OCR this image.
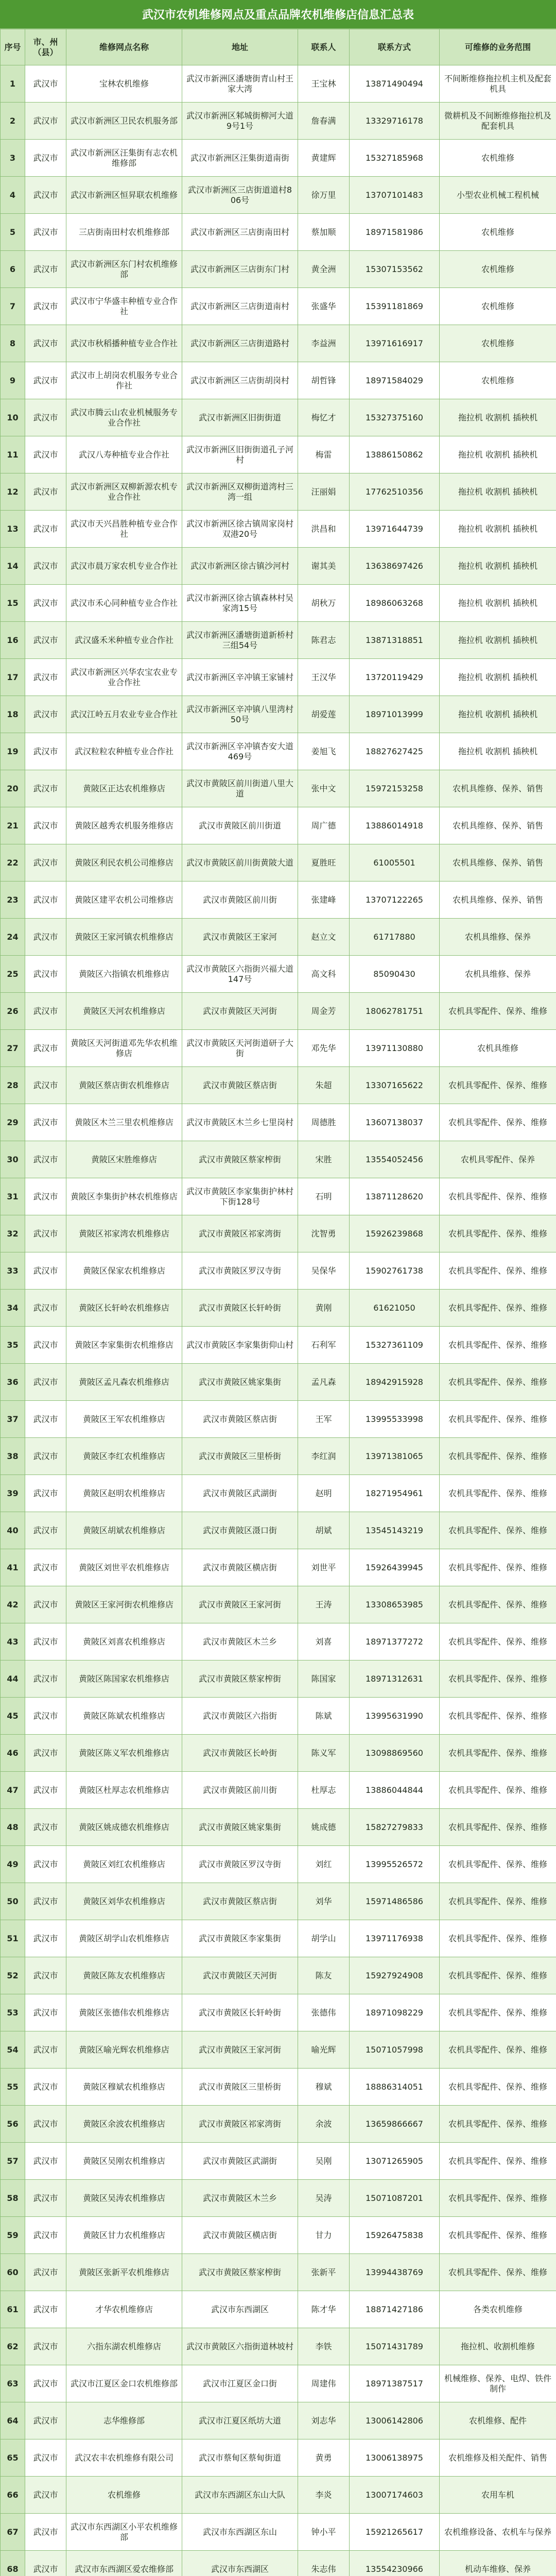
武汉市农机维修网点及重点品牌农机维修店信息汇总表
序号	市、州（县）	维修网点名称	地址	联系人	联系方式	可维修的业务范围

1	武汉市	宝林农机维修	武汉市新洲区潘塘街青山村王家大湾	王宝林	13871490494	不间断维修拖拉机主机及配套机具

2	武汉市	武汉市新洲区卫民农机服务部	武汉市新洲区邾城街柳河大道9号1号	詹春满	13329716178	微耕机及不间断维修拖拉机及配套机具

3	武汉市	武汉市新洲区汪集街有志农机维修部	武汉市新洲区汪集街道南街	黄建辉	15327185968	农机维修

4	武汉市	武汉市新洲区恒昇联农机维修	武汉市新洲区三店街道道村806号	徐万里	13707101483	小型农业机械工程机械

5	武汉市	三店街南田村农机维修部	武汉市新洲区三店街南田村	蔡加顺	18971581986	农机维修

6	武汉市	武汉市新洲区东门村农机维修部	武汉市新洲区三店街东门村	黄全洲	15307153562	农机维修

7	武汉市	武汉市宁华盛丰种植专业合作社	武汉市新洲区三店街道南村	张盛华	15391181869	农机维修

8	武汉市	武汉市秋稻播种植专业合作社	武汉市新洲区三店街道路村	李益洲	13971616917	农机维修

9	武汉市	武汉市上胡岗农机服务专业合作社	武汉市新洲区三店街胡岗村	胡哲锋	18971584029	农机维修

10	武汉市	武汉市腾云山农业机械服务专业合作社	武汉市新洲区旧街街道	梅忆才	15327375160	拖拉机 收割机 插秧机

11	武汉市	武汉八寿种植专业合作社	武汉市新洲区旧街街道孔子河村	梅雷	13886150862	拖拉机 收割机 插秧机

12	武汉市	武汉市新洲区双柳新源农机专业合作社	武汉市新洲区双柳街道湾村三湾一组	汪丽娟	17762510356	拖拉机 收割机 插秧机

13	武汉市	武汉市天兴昌胜种植专业合作社	武汉市新洲区徐古镇周家岗村双港20号	洪昌和	13971644739	拖拉机 收割机 插秧机

14	武汉市	武汉市晨万家农机专业合作社	武汉市新洲区徐古镇沙河村	谢其美	13638697426	拖拉机 收割机 插秧机

15	武汉市	武汉市禾心同种植专业合作社	武汉市新洲区徐古镇森林村吴家湾15号	胡秋万	18986063268	拖拉机 收割机 插秧机

16	武汉市	武汉盛禾米种植专业合作社	武汉市新洲区潘塘街道新桥村三组54号	陈君志	13871318851	拖拉机 收割机 插秧机

17	武汉市	武汉市新洲区兴华农宝农业专业合作社	武汉市新洲区辛冲镇王家铺村	王汉华	13720119429	拖拉机 收割机 插秧机

18	武汉市	武汉江岭五月农业专业合作社	武汉市新洲区辛冲镇八里湾村50号	胡爱莲	18971013999	拖拉机 收割机 插秧机

19	武汉市	武汉粒粒农种植专业合作社	武汉市新洲区辛冲镇杏安大道469号	姜旭飞	18827627425	拖拉机 收割机 插秧机

20	武汉市	黄陂区正达农机维修店	武汉市黄陂区前川街道八里大道	张中文	15972153258	农机具维修、保养、销售

21	武汉市	黄陂区越秀农机服务维修店	武汉市黄陂区前川街道	周广德	13886014918	农机具维修、保养、销售

22	武汉市	黄陂区利民农机公司维修店	武汉市黄陂区前川街黄陂大道	夏胜旺	61005501	农机具维修、保养、销售

23	武汉市	黄陂区建平农机公司维修店	武汉市黄陂区前川街	张建峰	13707122265	农机具维修、保养、销售

24	武汉市	黄陂区王家河镇农机维修店	武汉市黄陂区王家河	赵立文	61717880	农机具维修、保养

25	武汉市	黄陂区六指镇农机维修店	武汉市黄陂区六指街兴福大道147号	高文科	85090430	农机具维修、保养

26	武汉市	黄陂区天河农机维修店	武汉市黄陂区天河街	周金芳	18062781751	农机具零配件、保养、维修

27	武汉市	黄陂区天河街道邓先华农机维修店	武汉市黄陂区天河街道研子大街	邓先华	13971130880	农机具维修

28	武汉市	黄陂区蔡店街农机维修店	武汉市黄陂区蔡店街	朱超	13307165622	农机具零配件、保养、维修

29	武汉市	黄陂区木兰三里农机维修店	武汉市黄陂区木兰乡七里岗村	周德胜	13607138037	农机具零配件、保养、维修

30	武汉市	黄陂区宋胜维修店	武汉市黄陂区蔡家榨街	宋胜	13554052456	农机具零配件、保养

31	武汉市	黄陂区李集街护林农机维修店	武汉市黄陂区李家集街护林村下街128号	石明	13871128620	农机具零配件、保养、维修

32	武汉市	黄陂区祁家湾农机维修店	武汉市黄陂区祁家湾街	沈智勇	15926239868	农机具零配件、保养、维修

33	武汉市	黄陂区保家农机维修店	武汉市黄陂区罗汉寺街	吴保华	15902761738	农机具零配件、保养、维修

34	武汉市	黄陂区长轩岭农机维修店	武汉市黄陂区长轩岭街	黄刚	61621050	农机具零配件、保养、维修

35	武汉市	黄陂区李家集街农机维修店	武汉市黄陂区李家集街仰山村	石利军	15327361109	农机具零配件、保养、维修

36	武汉市	黄陂区孟凡森农机维修店	武汉市黄陂区姚家集街	孟凡森	18942915928	农机具零配件、保养、维修

37	武汉市	黄陂区王军农机维修店	武汉市黄陂区蔡店街	王军	13995533998	农机具零配件、保养、维修

38	武汉市	黄陂区李红农机维修店	武汉市黄陂区三里桥街	李红润	13971381065	农机具零配件、保养、维修

39	武汉市	黄陂区赵明农机维修店	武汉市黄陂区武湖街	赵明	18271954961	农机具零配件、保养、维修

40	武汉市	黄陂区胡斌农机维修店	武汉市黄陂区滠口街	胡斌	13545143219	农机具零配件、保养、维修

41	武汉市	黄陂区刘世平农机维修店	武汉市黄陂区横店街	刘世平	15926439945	农机具零配件、保养、维修

42	武汉市	黄陂区王家河街农机维修店	武汉市黄陂区王家河街	王涛	13308653985	农机具零配件、保养、维修

43	武汉市	黄陂区刘喜农机维修店	武汉市黄陂区木兰乡	刘喜	18971377272	农机具零配件、保养、维修

44	武汉市	黄陂区陈国家农机维修店	武汉市黄陂区蔡家榨街	陈国家	18971312631	农机具零配件、保养、维修

45	武汉市	黄陂区陈斌农机维修店	武汉市黄陂区六指街	陈斌	13995631990	农机具零配件、保养、维修

46	武汉市	黄陂区陈义军农机维修店	武汉市黄陂区长岭街	陈义军	13098869560	农机具零配件、保养、维修

47	武汉市	黄陂区杜厚志农机维修店	武汉市黄陂区前川街	杜厚志	13886044844	农机具零配件、保养、维修

48	武汉市	黄陂区姚成德农机维修店	武汉市黄陂区姚家集街	姚成德	15827279833	农机具零配件、保养、维修

49	武汉市	黄陂区刘红农机维修店	武汉市黄陂区罗汉寺街	刘红	13995526572	农机具零配件、保养、维修

50	武汉市	黄陂区刘华农机维修店	武汉市黄陂区蔡店街	刘华	15971486586	农机具零配件、保养、维修

51	武汉市	黄陂区胡学山农机维修店	武汉市黄陂区李家集街	胡学山	13971176938	农机具零配件、保养、维修

52	武汉市	黄陂区陈友农机维修店	武汉市黄陂区天河街	陈友	15927924908	农机具零配件、保养、维修

53	武汉市	黄陂区张德伟农机维修店	武汉市黄陂区长轩岭街	张德伟	18971098229	农机具零配件、保养、维修

54	武汉市	黄陂区喻光辉农机维修店	武汉市黄陂区王家河街	喻光辉	15071057998	农机具零配件、保养、维修

55	武汉市	黄陂区穆斌农机维修店	武汉市黄陂区三里桥街	穆斌	18886314051	农机具零配件、保养、维修

56	武汉市	黄陂区余波农机维修店	武汉市黄陂区祁家湾街	余波	13659866667	农机具零配件、保养、维修

57	武汉市	黄陂区吴刚农机维修店	武汉市黄陂区武湖街	吴刚	13071265905	农机具零配件、保养、维修

58	武汉市	黄陂区吴涛农机维修店	武汉市黄陂区木兰乡	吴涛	15071087201	农机具零配件、保养、维修

59	武汉市	黄陂区甘力农机维修店	武汉市黄陂区横店街	甘力	15926475838	农机具零配件、保养、维修

60	武汉市	黄陂区张新平农机维修店	武汉市黄陂区蔡家榨街	张新平	13994438769	农机具零配件、保养、维修

61	武汉市	才华农机维修店	武汉市东西湖区	陈才华	18871427186	各类农机维修

62	武汉市	六指东湖农机维修店	武汉市黄陂区六指街道林坡村	李铁	15071431789	拖拉机、收割机维修

63	武汉市	武汉市江夏区金口农机维修部	武汉市江夏区金口街	周建伟	18971387517	机械维修、保养、电焊、铁件制作

64	武汉市	志华维修部	武汉市江夏区纸坊大道	刘志华	13006142806	农机维修、配件

65	武汉市	武汉农丰农机维修有限公司	武汉市蔡甸区蔡甸街道	黄勇	13006138975	农机维修及相关配件、销售

66	武汉市	农机维修	武汉市东西湖区东山大队	李炎	13007174603	农用车机

67	武汉市	武汉市东西湖区小平农机维修部	武汉市东西湖区东山	钟小平	15921265617	农机维修设备、农机车与保养

68	武汉市	武汉市东西湖区爱农维修部	武汉市东西湖区	朱志伟	13554230966	机动车维修、保养
